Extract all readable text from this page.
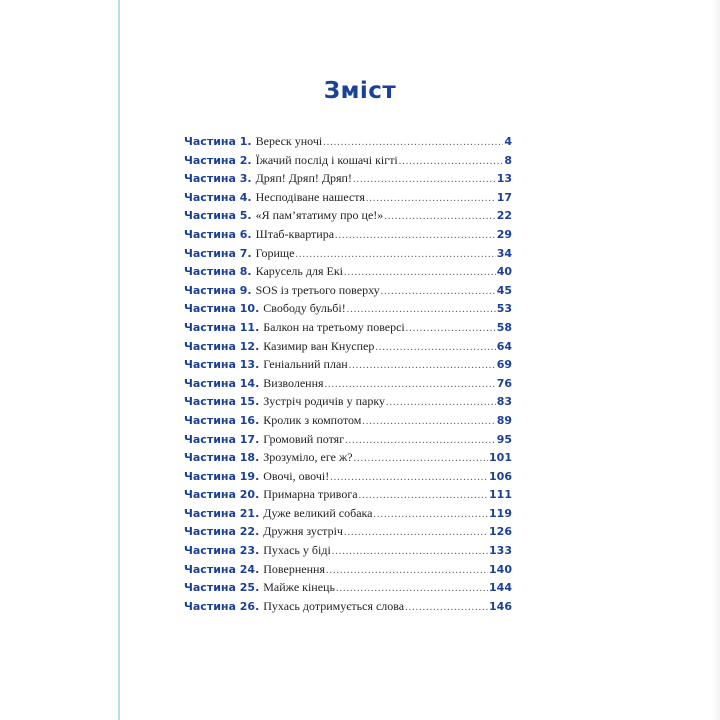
Зміст
Частина 1. Вереск уночі .....	4
Частина 2. Їжачий послід і кошачі кігті .....	8
Частина 3. Дряп! Дряп! Дряп! .....	13
Частина 4. Несподіване нашестя .....	17
Частина 5. «Я пам’ятатиму про це!» .....	22
Частина 6. Штаб-квартира .....	29
Частина 7. Горище .....	34
Частина 8. Карусель для Екі .....	40
Частина 9. SOS із третього поверху .....	45
Частина 10. Свободу бульбі! .....	53
Частина 11. Балкон на третьому поверсі .....	58
Частина 12. Казимир ван Кнуспер .....	64
Частина 13. Геніальний план .....	69
Частина 14. Визволення .....	76
Частина 15. Зустріч родичів у парку .....	83
Частина 16. Кролик з компотом .....	89
Частина 17. Громовий потяг .....	95
Частина 18. Зрозуміло, еге ж? .....	101
Частина 19. Овочі, овочі! .....	106
Частина 20. Примарна тривога .....	111
Частина 21. Дуже великий собака .....	119
Частина 22. Дружня зустріч .....	126
Частина 23. Пухась у біді .....	133
Частина 24. Повернення .....	140
Частина 25. Майже кінець .....	144
Частина 26. Пухась дотримується слова .....	146
